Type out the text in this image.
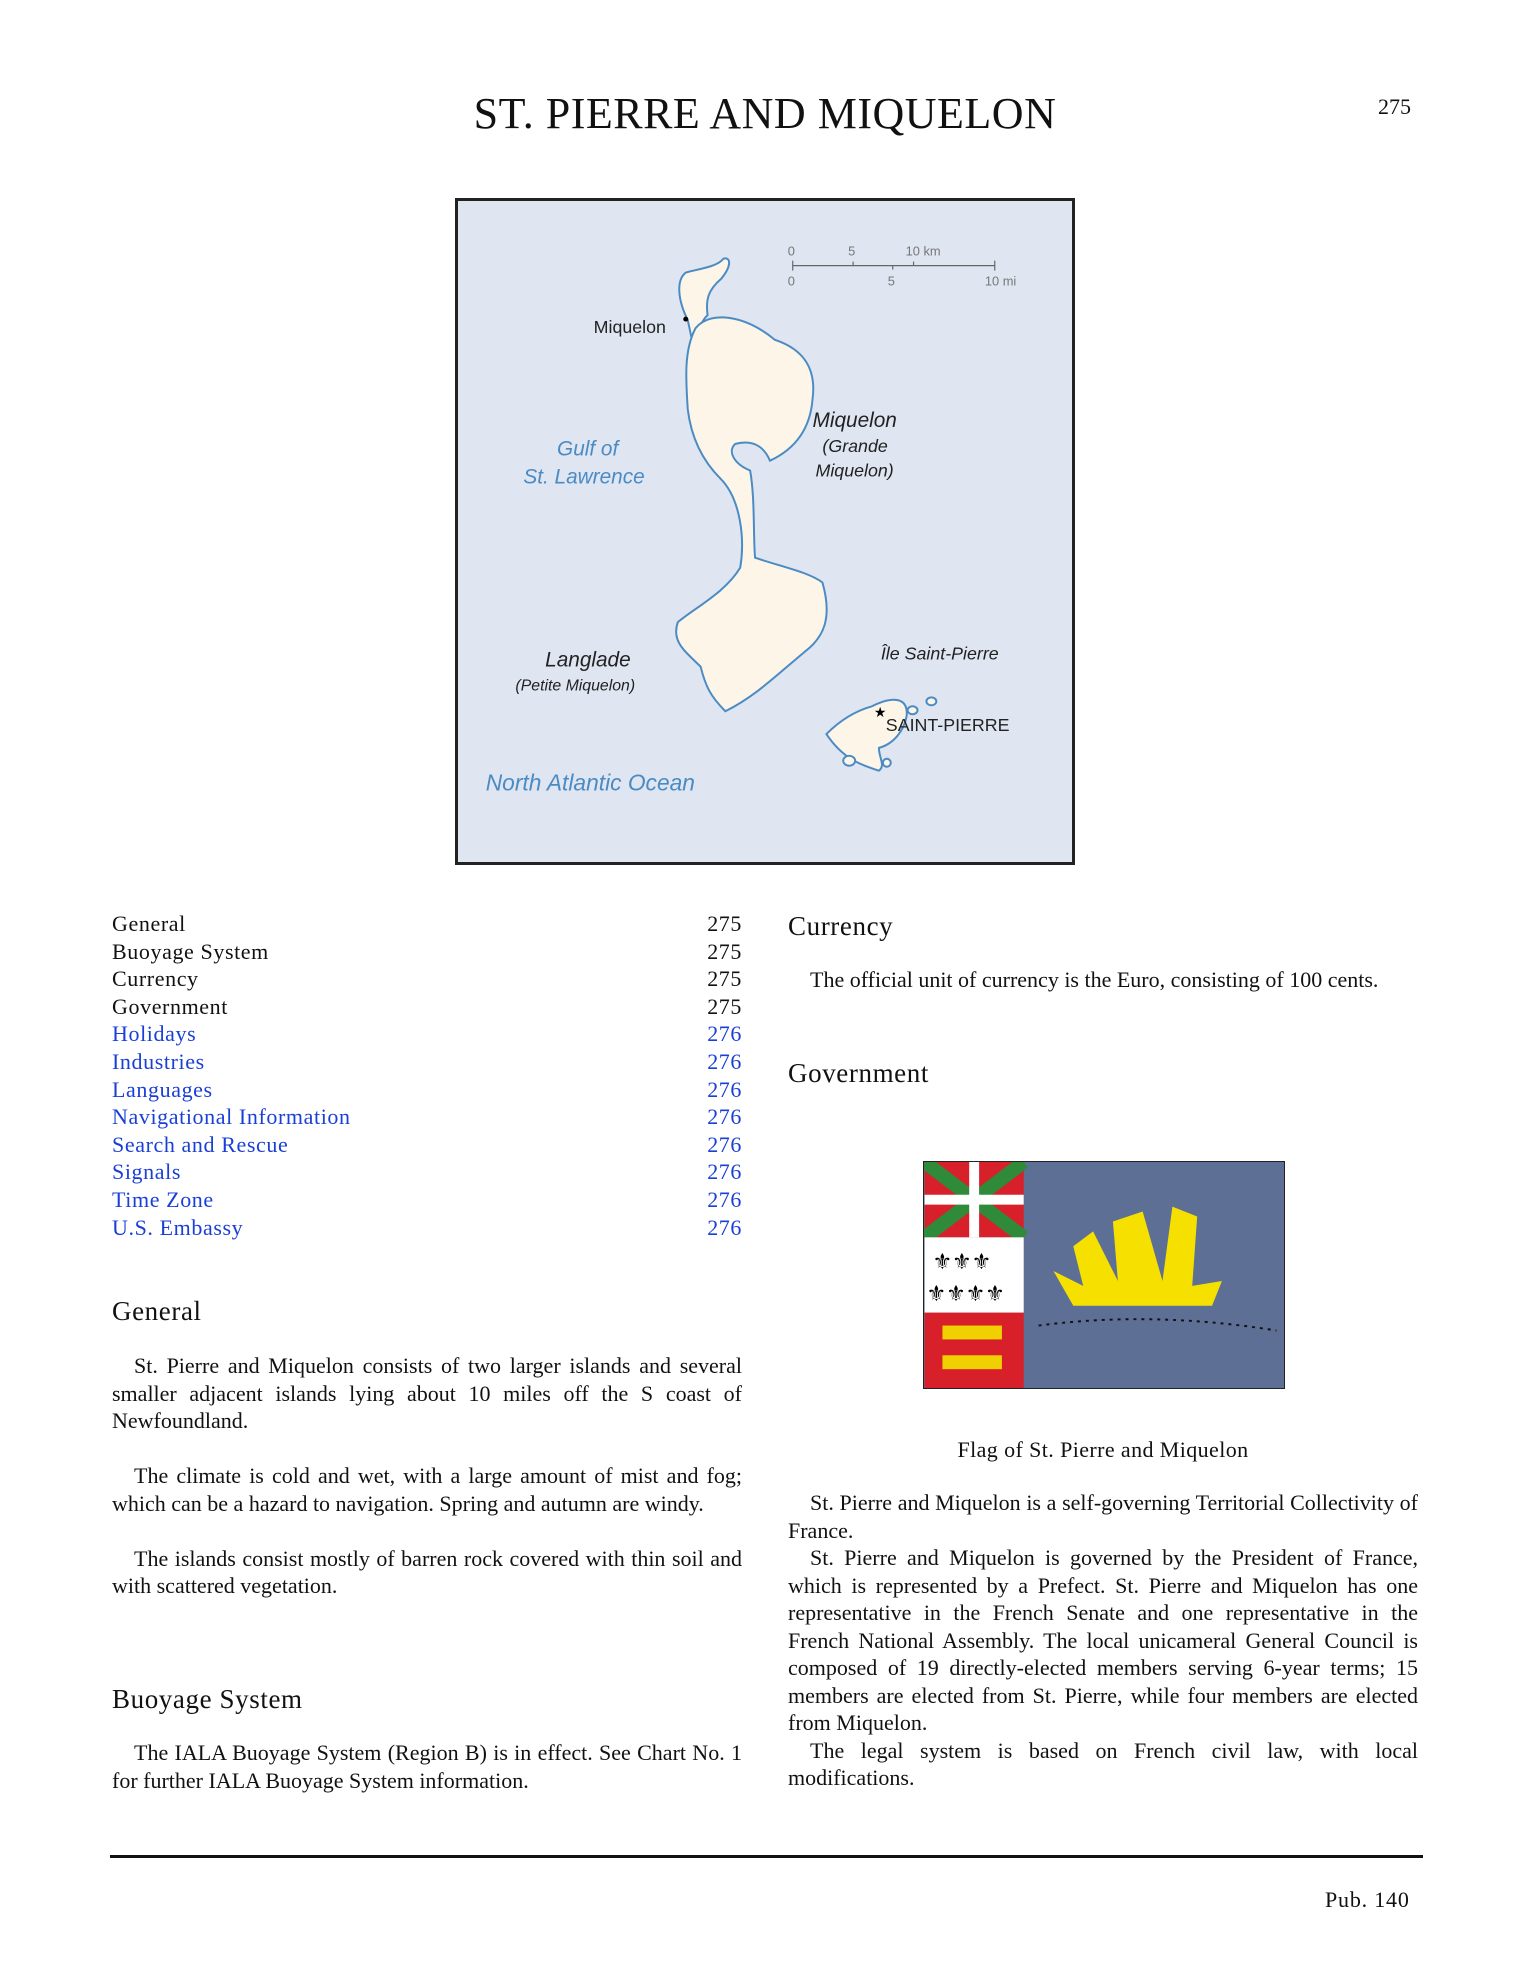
ST. PIERRE AND MIQUELON	275
0	5	10 km
0	5	10 mi
Miquelon
Miquelon
(Grande
Miquelon)
Langlade
(Petite Miquelon)
Île Saint-Pierre
SAINT-PIERRE
★
Gulf of
St. Lawrence
North Atlantic Ocean
General	275
Buoyage System	275
Currency	275
Government	275
Holidays	276
Industries	276
Languages	276
Navigational Information	276
Search and Rescue	276
Signals	276
Time Zone	276
U.S. Embassy	276
General

St. Pierre and Miquelon consists of two larger islands and several smaller adjacent islands lying about 10 miles off the S coast of Newfoundland.

The climate is cold and wet, with a large amount of mist and fog; which can be a hazard to navigation. Spring and autumn are windy.

The islands consist mostly of barren rock covered with thin soil and with scattered vegetation.

Buoyage System

The IALA Buoyage System (Region B) is in effect. See Chart No. 1 for further IALA Buoyage System information.

Currency

The official unit of currency is the Euro, consisting of 100 cents.

Government
⚜⚜⚜
⚜⚜⚜⚜
Flag of St. Pierre and Miquelon

St. Pierre and Miquelon is a self-governing Territorial Collectivity of France.

St. Pierre and Miquelon is governed by the President of France, which is represented by a Prefect. St. Pierre and Miquelon has one representative in the French Senate and one representative in the French National Assembly. The local unicameral General Council is composed of 19 directly-elected members serving 6-year terms; 15 members are elected from St. Pierre, while four members are elected from Miquelon.

The legal system is based on French civil law, with local modifications.

Pub. 140
